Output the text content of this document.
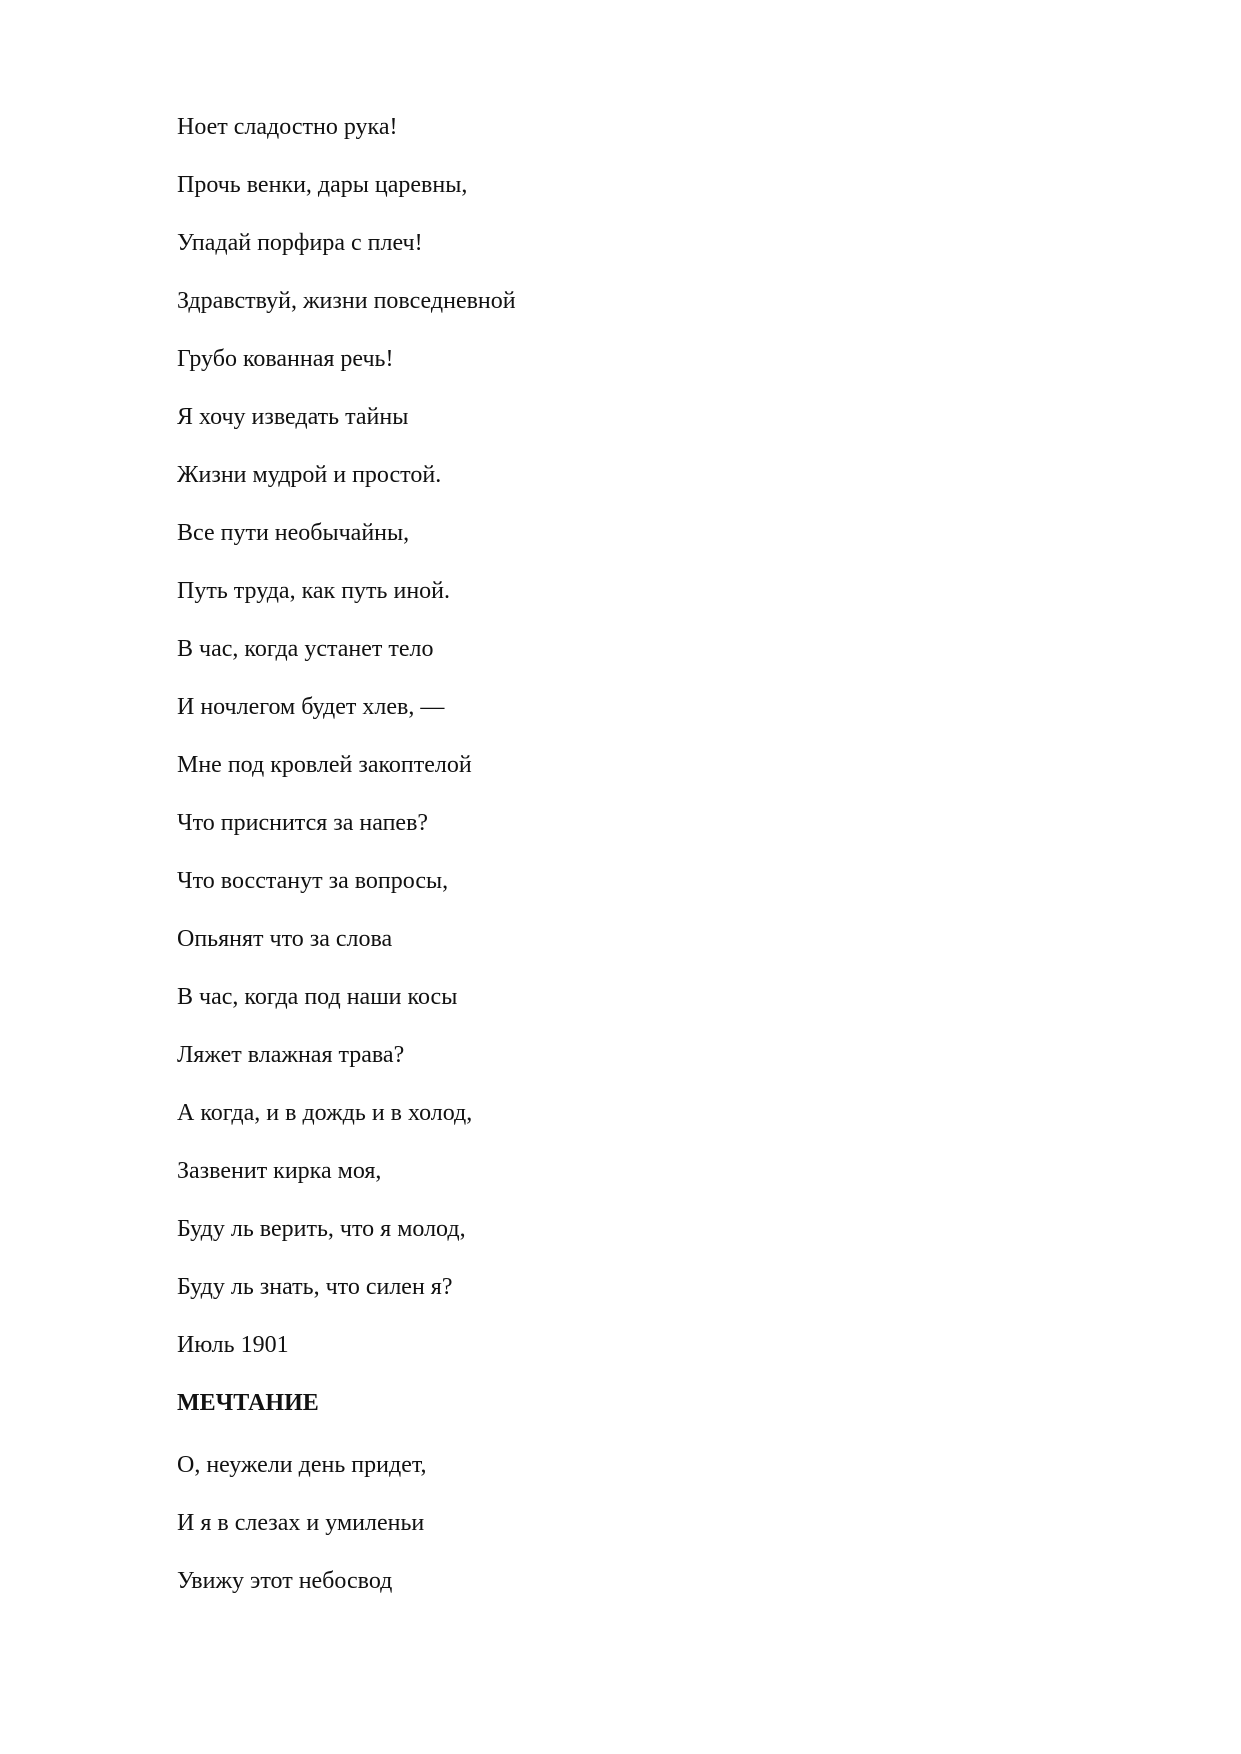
Ноет сладостно рука!
Прочь венки, дары царевны,
Упадай порфира с плеч!
Здравствуй, жизни повседневной
Грубо кованная речь!
Я хочу изведать тайны
Жизни мудрой и простой.
Все пути необычайны,
Путь труда, как путь иной.
В час, когда устанет тело
И ночлегом будет хлев, —
Мне под кровлей закоптелой
Что приснится за напев?
Что восстанут за вопросы,
Опьянят что за слова
В час, когда под наши косы
Ляжет влажная трава?
А когда, и в дождь и в холод,
Зазвенит кирка моя,
Буду ль верить, что я молод,
Буду ль знать, что силен я?
Июль 1901
МЕЧТАНИЕ
О, неужели день придет,
И я в слезах и умиленьи
Увижу этот небосвод
